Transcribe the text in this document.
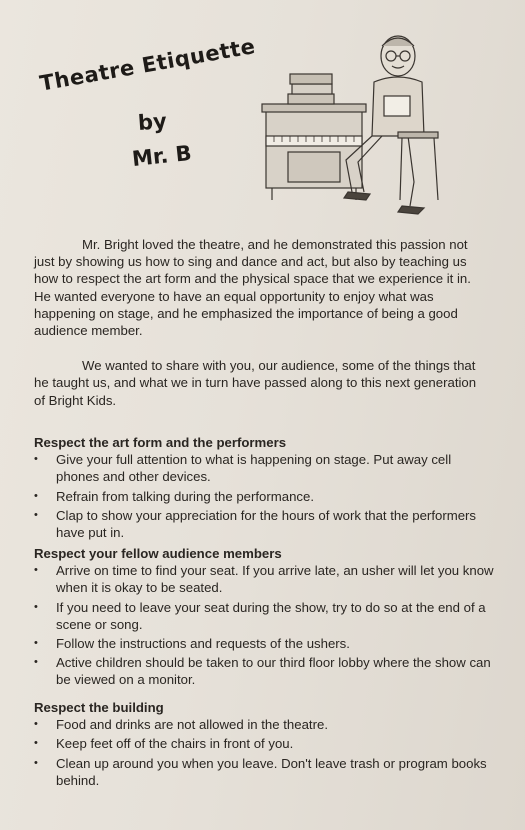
Theatre Etiquette
by
Mr. B

Mr. Bright loved the theatre, and he demonstrated this passion not just by showing us how to sing and dance and act, but also by teaching us how to respect the art form and the physical space that we experience it in. He wanted everyone to have an equal opportunity to enjoy what was happening on stage, and he emphasized the importance of being a good audience member.

We wanted to share with you, our audience, some of the things that he taught us, and what we in turn have passed along to this next generation of Bright Kids.

Respect the art form and the performers

• Give your full attention to what is happening on stage. Put away cell phones and other devices.
• Refrain from talking during the performance.
• Clap to show your appreciation for the hours of work that the performers have put in.

Respect your fellow audience members

• Arrive on time to find your seat. If you arrive late, an usher will let you know when it is okay to be seated.
• If you need to leave your seat during the show, try to do so at the end of a scene or song.
• Follow the instructions and requests of the ushers.
• Active children should be taken to our third floor lobby where the show can be viewed on a monitor.

Respect the building

• Food and drinks are not allowed in the theatre.
• Keep feet off of the chairs in front of you.
• Clean up around you when you leave. Don't leave trash or program books behind.
